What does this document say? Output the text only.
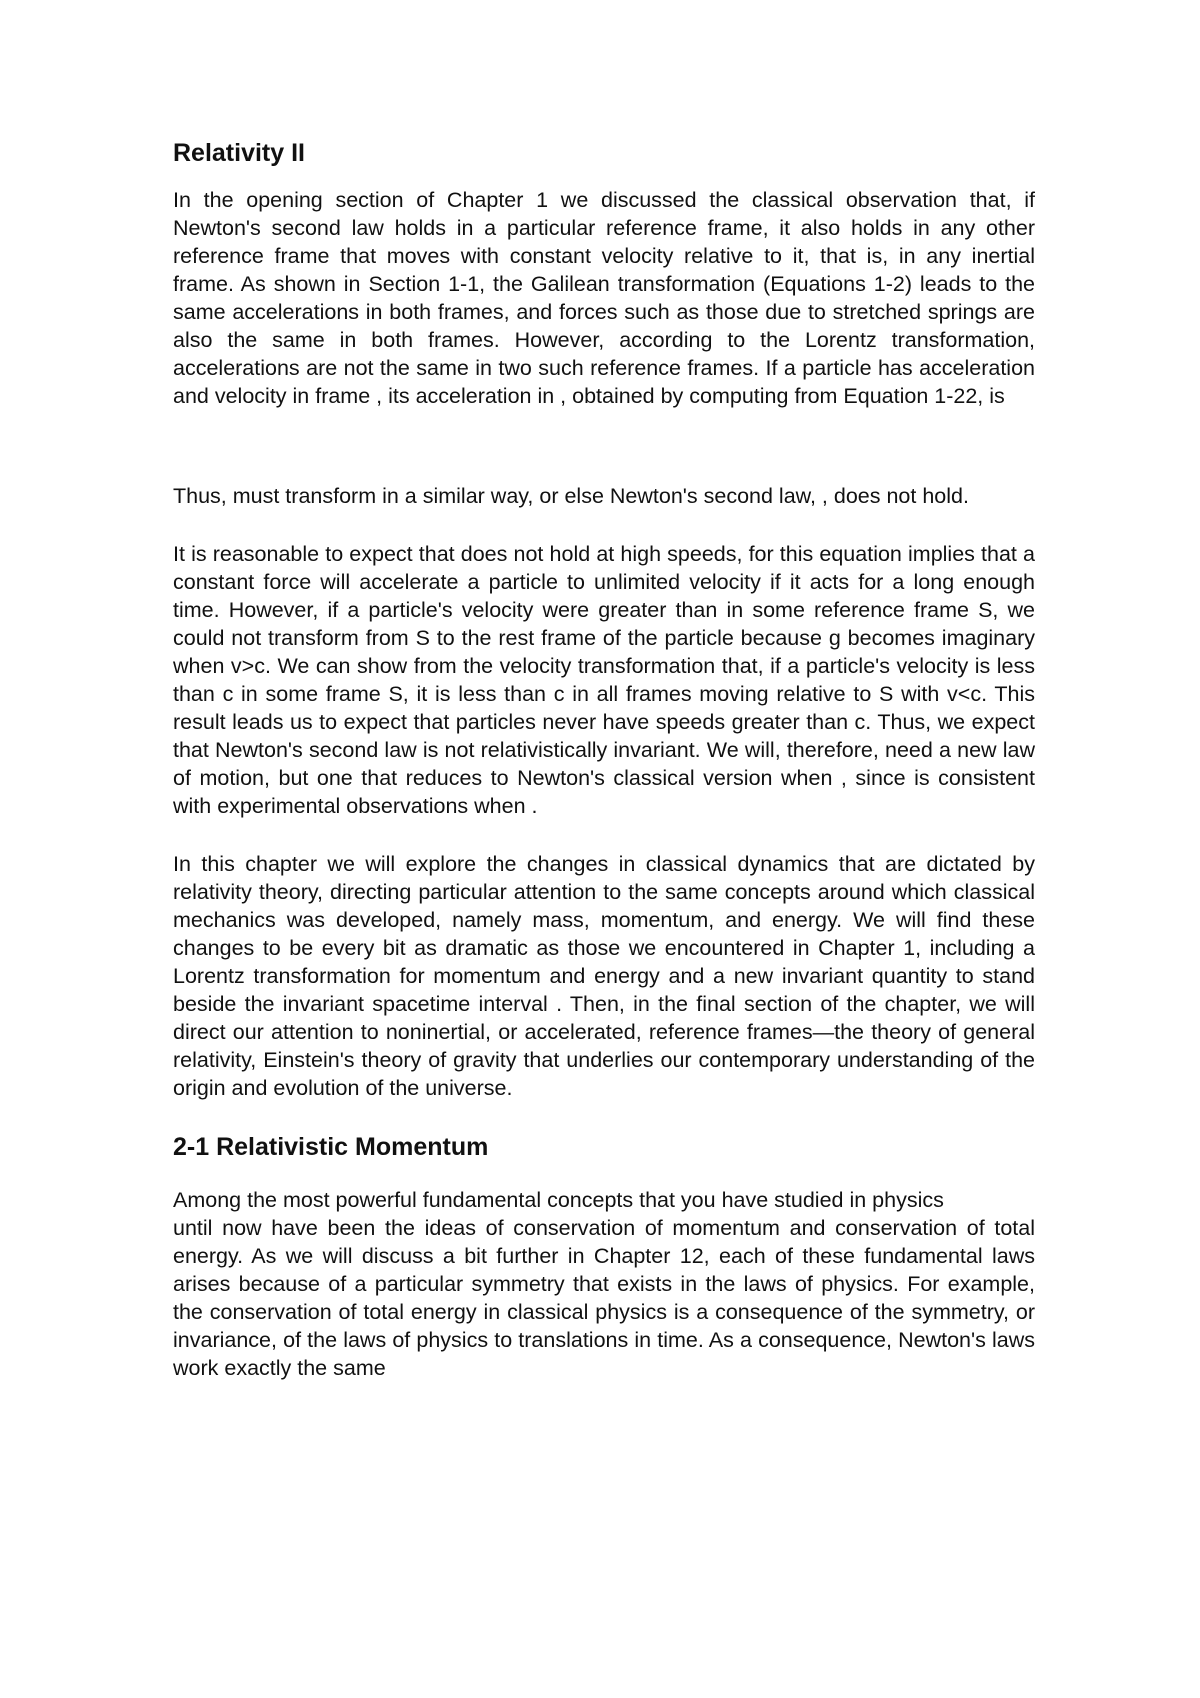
Relativity II

In the opening section of Chapter 1 we discussed the classical observation that, if Newton's second law holds in a particular reference frame, it also holds in any other reference frame that moves with constant velocity relative to it, that is, in any inertial frame. As shown in Section 1-1, the Galilean transformation (Equations 1-2) leads to the same accelerations in both frames, and forces such as those due to stretched springs are also the same in both frames. However, according to the Lorentz transformation, accelerations are not the same in two such reference frames. If a particle has acceleration and velocity in frame , its acceleration in , obtained by computing from Equation 1-22, is

Thus, must transform in a similar way, or else Newton's second law, , does not hold.

It is reasonable to expect that does not hold at high speeds, for this equation implies that a constant force will accelerate a particle to unlimited velocity if it acts for a long enough time. However, if a particle's velocity were greater than in some reference frame S, we could not transform from S to the rest frame of the particle because g becomes imaginary when v>c. We can show from the velocity transformation that, if a particle's velocity is less than c in some frame S, it is less than c in all frames moving relative to S with v<c. This result leads us to expect that particles never have speeds greater than c. Thus, we expect that Newton's second law is not relativistically invariant. We will, therefore, need a new law of motion, but one that reduces to Newton's classical version when , since is consistent with experimental observations when .

In this chapter we will explore the changes in classical dynamics that are dictated by relativity theory, directing particular attention to the same concepts around which classical mechanics was developed, namely mass, momentum, and energy. We will find these changes to be every bit as dramatic as those we encountered in Chapter 1, including a Lorentz transformation for momentum and energy and a new invariant quantity to stand beside the invariant spacetime interval . Then, in the final section of the chapter, we will direct our attention to noninertial, or accelerated, reference frames—the theory of general relativity, Einstein's theory of gravity that underlies our contemporary understanding of the origin and evolution of the universe.

2-1 Relativistic Momentum

Among the most powerful fundamental concepts that you have studied in physics

until now have been the ideas of conservation of momentum and conservation of total energy. As we will discuss a bit further in Chapter 12, each of these fundamental laws arises because of a particular symmetry that exists in the laws of physics. For example, the conservation of total energy in classical physics is a consequence of the symmetry, or invariance, of the laws of physics to translations in time. As a consequence, Newton's laws work exactly the same
